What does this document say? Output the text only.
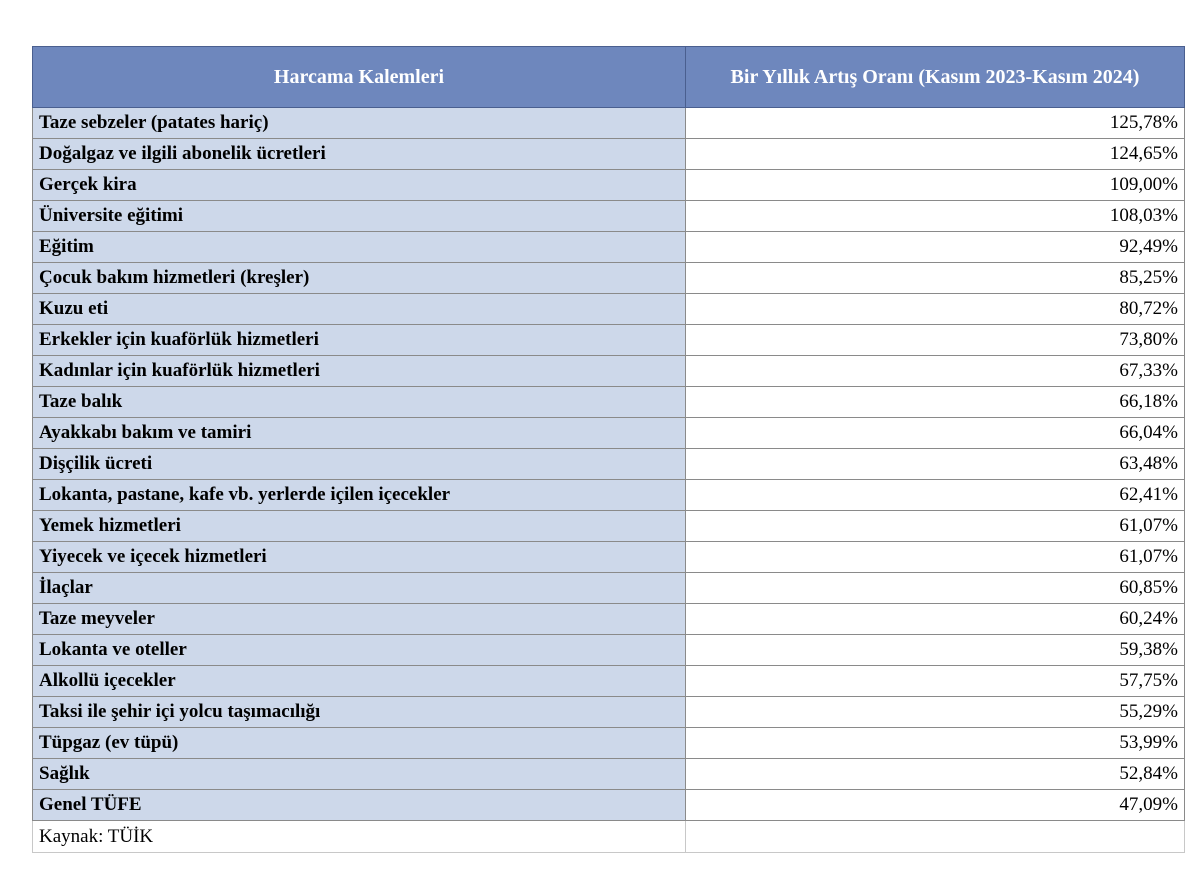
Harcama Kalemleri	Bir Yıllık Artış Oranı (Kasım 2023-Kasım 2024)
Taze sebzeler (patates hariç)	125,78%
Doğalgaz ve ilgili abonelik ücretleri	124,65%
Gerçek kira	109,00%
Üniversite eğitimi	108,03%
Eğitim	92,49%
Çocuk bakım hizmetleri (kreşler)	85,25%
Kuzu eti	80,72%
Erkekler için kuaförlük hizmetleri	73,80%
Kadınlar için kuaförlük hizmetleri	67,33%
Taze balık	66,18%
Ayakkabı bakım ve tamiri	66,04%
Dişçilik ücreti	63,48%
Lokanta, pastane, kafe vb. yerlerde içilen içecekler	62,41%
Yemek hizmetleri	61,07%
Yiyecek ve içecek hizmetleri	61,07%
İlaçlar	60,85%
Taze meyveler	60,24%
Lokanta ve oteller	59,38%
Alkollü içecekler	57,75%
Taksi ile şehir içi yolcu taşımacılığı	55,29%
Tüpgaz (ev tüpü)	53,99%
Sağlık	52,84%
Genel TÜFE	47,09%
Kaynak: TÜİK	
